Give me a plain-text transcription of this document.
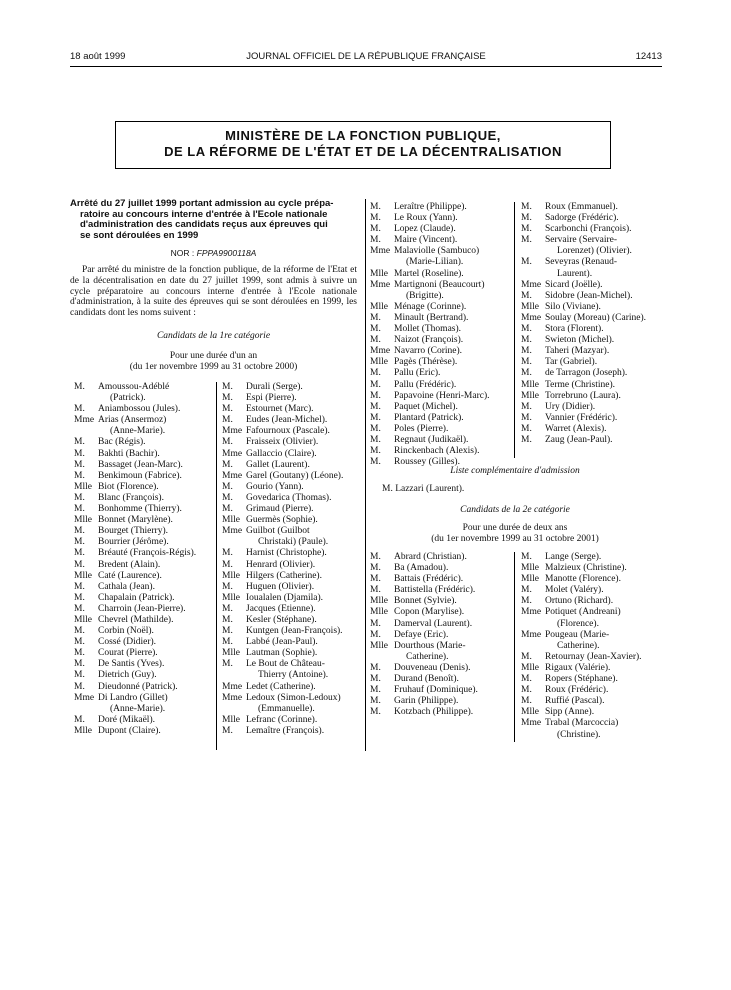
18 août 1999	JOURNAL OFFICIEL DE LA RÉPUBLIQUE FRANÇAISE	12413
MINISTÈRE DE LA FONCTION PUBLIQUE,
DE LA RÉFORME DE L'ÉTAT ET DE LA DÉCENTRALISATION
Arrêté du 27 juillet 1999 portant admission au cycle prépa-
ratoire au concours interne d'entrée à l'Ecole nationale
d'administration des candidats reçus aux épreuves qui
se sont déroulées en 1999
NOR : FPPA9900118A
Par arrêté du ministre de la fonction publique, de la réforme de l'Etat et de la décentralisation en date du 27 juillet 1999, sont admis à suivre un cycle préparatoire au concours interne d'entrée à l'Ecole nationale d'administration, à la suite des épreuves qui se sont déroulées en 1999, les candidats dont les noms suivent :
Candidats de la 1re catégorie
Pour une durée d'un an
(du 1er novembre 1999 au 31 octobre 2000)
M.	Amoussou-Adéblé
(Patrick).
M.	Aniambossou (Jules).
Mme Arias (Ansermoz)
(Anne-Marie).
M.	Bac (Régis).
M.	Bakhti (Bachir).
M.	Bassaget (Jean-Marc).
M.	Benkimoun (Fabrice).
Mlle Biot (Florence).
M.	Blanc (François).
M.	Bonhomme (Thierry).
Mlle Bonnet (Marylène).
M.	Bourget (Thierry).
M.	Bourrier (Jérôme).
M.	Bréauté (François-Régis).
M.	Bredent (Alain).
Mlle Caté (Laurence).
M.	Cathala (Jean).
M.	Chapalain (Patrick).
M.	Charroin (Jean-Pierre).
Mlle Chevrel (Mathilde).
M.	Corbin (Noël).
M.	Cossé (Didier).
M.	Courat (Pierre).
M.	De Santis (Yves).
M.	Dietrich (Guy).
M.	Dieudonné (Patrick).
Mme Di Landro (Gillet)
(Anne-Marie).
M.	Doré (Mikaël).
Mlle Dupont (Claire).
M.	Durali (Serge).
M.	Espi (Pierre).
M.	Estournet (Marc).
M.	Eudes (Jean-Michel).
Mme Fafournoux (Pascale).
M.	Fraisseix (Olivier).
Mme Gallaccio (Claire).
M.	Gallet (Laurent).
Mme Garel (Goutany) (Léone).
M.	Gourio (Yann).
M.	Govedarica (Thomas).
M.	Grimaud (Pierre).
Mlle Guermès (Sophie).
Mme Guilbot (Guilbot
Christaki) (Paule).
M.	Harnist (Christophe).
M.	Henrard (Olivier).
Mlle Hilgers (Catherine).
M.	Huguen (Olivier).
Mlle Ioualalen (Djamila).
M.	Jacques (Etienne).
M.	Kesler (Stéphane).
M.	Kuntgen (Jean-François).
M.	Labbé (Jean-Paul).
Mlle Lautman (Sophie).
M.	Le Bout de Château-
Thierry (Antoine).
Mme Ledet (Catherine).
Mme Ledoux (Simon-Ledoux)
(Emmanuelle).
Mlle Lefranc (Corinne).
M.	Lemaître (François).
M.	Leraître (Philippe).
M.	Le Roux (Yann).
M.	Lopez (Claude).
M.	Maire (Vincent).
Mme Malaviolle (Sambuco)
(Marie-Lilian).
Mlle Martel (Roseline).
Mme Martignoni (Beaucourt)
(Brigitte).
Mlle Ménage (Corinne).
M.	Minault (Bertrand).
M.	Mollet (Thomas).
M.	Naizot (François).
Mme Navarro (Corine).
Mlle Pagès (Thérèse).
M.	Pallu (Eric).
M.	Pallu (Frédéric).
M.	Papavoine (Henri-Marc).
M.	Paquet (Michel).
M.	Plantard (Patrick).
M.	Poles (Pierre).
M.	Regnaut (Judikaël).
M.	Rinckenbach (Alexis).
M.	Roussey (Gilles).
M.	Roux (Emmanuel).
M.	Sadorge (Frédéric).
M.	Scarbonchi (François).
M.	Servaire (Servaire-
Lorenzet) (Olivier).
M.	Seveyras (Renaud-
Laurent).
Mme Sicard (Joëlle).
M.	Sidobre (Jean-Michel).
Mlle Silo (Viviane).
Mme Soulay (Moreau) (Carine).
M.	Stora (Florent).
M.	Swieton (Michel).
M.	Taheri (Mazyar).
M.	Tar (Gabriel).
M.	de Tarragon (Joseph).
Mlle Terme (Christine).
Mlle Torrebruno (Laura).
M.	Ury (Didier).
M.	Vannier (Frédéric).
M.	Warret (Alexis).
M.	Zaug (Jean-Paul).
Liste complémentaire d'admission
M. Lazzari (Laurent).
Candidats de la 2e catégorie
Pour une durée de deux ans
(du 1er novembre 1999 au 31 octobre 2001)
M.	Abrard (Christian).
M.	Ba (Amadou).
M.	Battais (Frédéric).
M.	Battistella (Frédéric).
Mlle Bonnet (Sylvie).
Mlle Copon (Marylise).
M.	Damerval (Laurent).
M.	Defaye (Eric).
Mlle Dourthous (Marie-
Catherine).
M.	Douveneau (Denis).
M.	Durand (Benoît).
M.	Fruhauf (Dominique).
M.	Garin (Philippe).
M.	Kotzbach (Philippe).
M.	Lange (Serge).
Mlle Malzieux (Christine).
Mlle Manotte (Florence).
M.	Molet (Valéry).
M.	Ortuno (Richard).
Mme Potiquet (Andreani)
(Florence).
Mme Pougeau (Marie-
Catherine).
M.	Retournay (Jean-Xavier).
Mlle Rigaux (Valérie).
M.	Ropers (Stéphane).
M.	Roux (Frédéric).
M.	Ruffié (Pascal).
Mlle Sipp (Anne).
Mme Trabal (Marcoccia)
(Christine).
